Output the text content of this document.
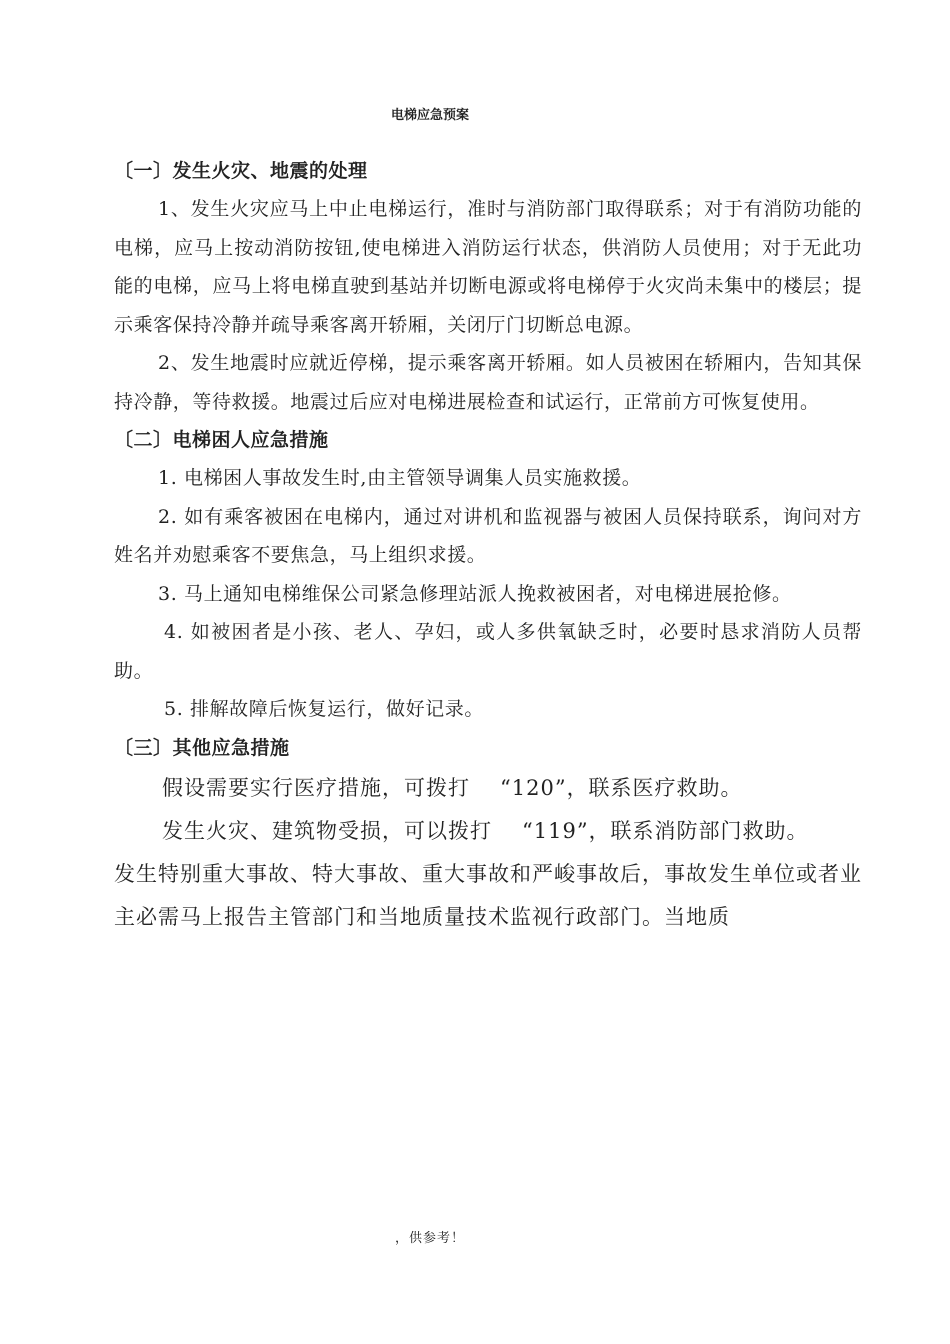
电梯应急预案
〔一〕发生火灾、地震的处理

1、发生火灾应马上中止电梯运行，准时与消防部门取得联系；对于有消防功能的电梯，应马上按动消防按钮,使电梯进入消防运行状态，供消防人员使用；对于无此功能的电梯，应马上将电梯直驶到基站并切断电源或将电梯停于火灾尚未集中的楼层；提示乘客保持冷静并疏导乘客离开轿厢，关闭厅门切断总电源。

2、发生地震时应就近停梯，提示乘客离开轿厢。如人员被困在轿厢内，告知其保持冷静，等待救援。地震过后应对电梯进展检查和试运行，正常前方可恢复使用。

〔二〕电梯困人应急措施

1. 电梯困人事故发生时,由主管领导调集人员实施救援。

2. 如有乘客被困在电梯内，通过对讲机和监视器与被困人员保持联系，询问对方姓名并劝慰乘客不要焦急，马上组织求援。

3. 马上通知电梯维保公司紧急修理站派人挽救被困者，对电梯进展抢修。

4. 如被困者是小孩、老人、孕妇，或人多供氧缺乏时，必要时恳求消防人员帮助。

5. 排解故障后恢复运行，做好记录。

〔三〕其他应急措施

假设需要实行医疗措施，可拨打 “120”，联系医疗救助。

发生火灾、建筑物受损，可以拨打 “119”，联系消防部门救助。

发生特别重大事故、特大事故、重大事故和严峻事故后，事故发生单位或者业主必需马上报告主管部门和当地质量技术监视行政部门。当地质

，供参考！
